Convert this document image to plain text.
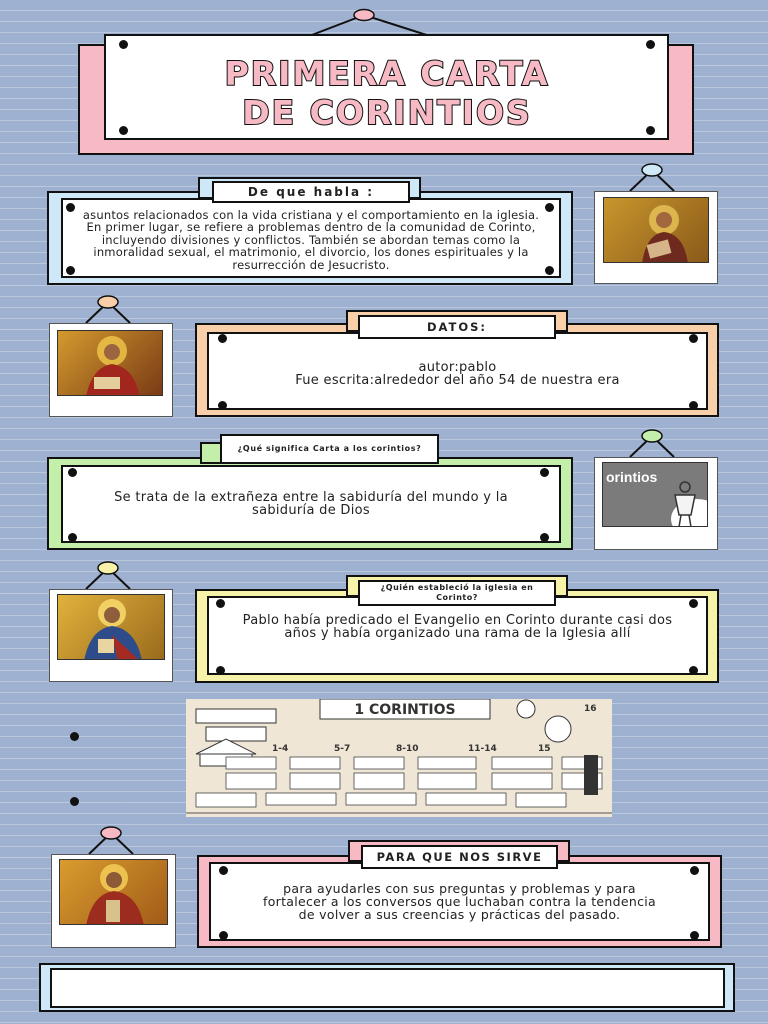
PRIMERA CARTA
DE CORINTIOS

asuntos relacionados con la vida cristiana y el comportamiento en la iglesia. En primer lugar, se refiere a problemas dentro de la comunidad de Corinto, incluyendo divisiones y conflictos. También se abordan temas como la inmoralidad sexual, el matrimonio, el divorcio, los dones espirituales y la resurrección de Jesucristo.

De que habla :

autor:pablo

Fue escrita:alrededor del año 54 de nuestra era

DATOS:

Se trata de la extrañeza entre la sabiduría del mundo y la sabiduría de Dios

¿Qué significa Carta a los corintios?
orintios

Pablo había predicado el Evangelio en Corinto durante casi dos años y había organizado una rama de la Iglesia allí

¿Quién estableció la iglesia en Corinto?
1 CORINTIOS
1-4	5-7	8-10	11-14	15
16

para ayudarles con sus preguntas y problemas y para fortalecer a los conversos que luchaban contra la tendencia de volver a sus creencias y prácticas del pasado.

PARA QUE NOS SIRVE
